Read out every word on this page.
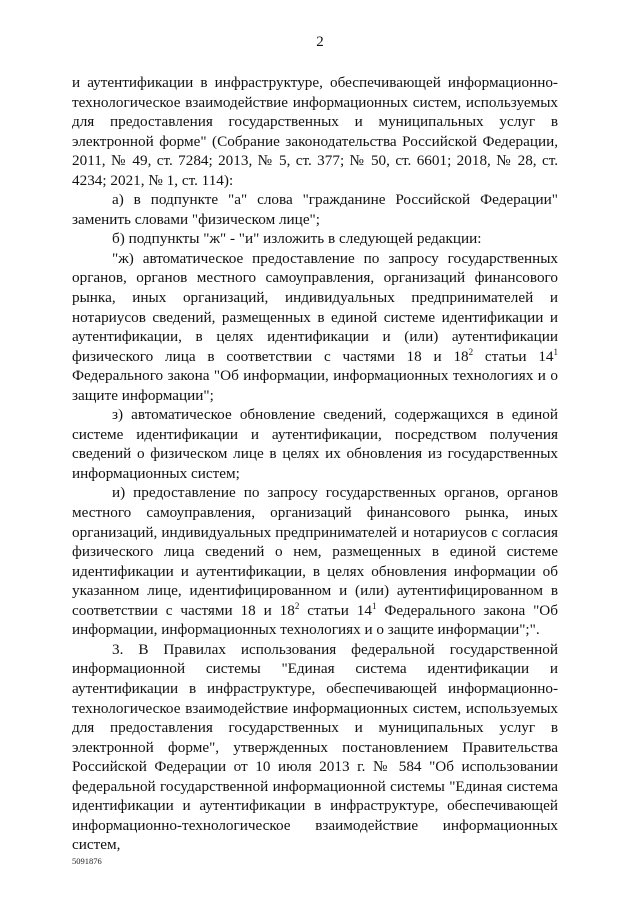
2

и аутентификации в инфраструктуре, обеспечивающей информационно-технологическое взаимодействие информационных систем, используемых для предоставления государственных и муниципальных услуг в электронной форме" (Собрание законодательства Российской Федерации, 2011, № 49, ст. 7284; 2013, № 5, ст. 377; № 50, ст. 6601; 2018, № 28, ст. 4234; 2021, № 1, ст. 114):

а) в подпункте "а" слова "гражданине Российской Федерации" заменить словами "физическом лице";

б) подпункты "ж" - "и" изложить в следующей редакции:

"ж) автоматическое предоставление по запросу государственных органов, органов местного самоуправления, организаций финансового рынка, иных организаций, индивидуальных предпринимателей и нотариусов сведений, размещенных в единой системе идентификации и аутентификации, в целях идентификации и (или) аутентификации физического лица в соответствии с частями 18 и $18^2$ статьи $14^1$ Федерального закона "Об информации, информационных технологиях и о защите информации";

з) автоматическое обновление сведений, содержащихся в единой системе идентификации и аутентификации, посредством получения сведений о физическом лице в целях их обновления из государственных информационных систем;

и) предоставление по запросу государственных органов, органов местного самоуправления, организаций финансового рынка, иных организаций, индивидуальных предпринимателей и нотариусов с согласия физического лица сведений о нем, размещенных в единой системе идентификации и аутентификации, в целях обновления информации об указанном лице, идентифицированном и (или) аутентифицированном в соответствии с частями 18 и $18^2$ статьи $14^1$ Федерального закона "Об информации, информационных технологиях и о защите информации";".

3. В Правилах использования федеральной государственной информационной системы "Единая система идентификации и аутентификации в инфраструктуре, обеспечивающей информационно-технологическое взаимодействие информационных систем, используемых для предоставления государственных и муниципальных услуг в электронной форме", утвержденных постановлением Правительства Российской Федерации от 10 июля 2013 г. № 584 "Об использовании федеральной государственной информационной системы "Единая система идентификации и аутентификации в инфраструктуре, обеспечивающей информационно-технологическое взаимодействие информационных систем,

5091876
